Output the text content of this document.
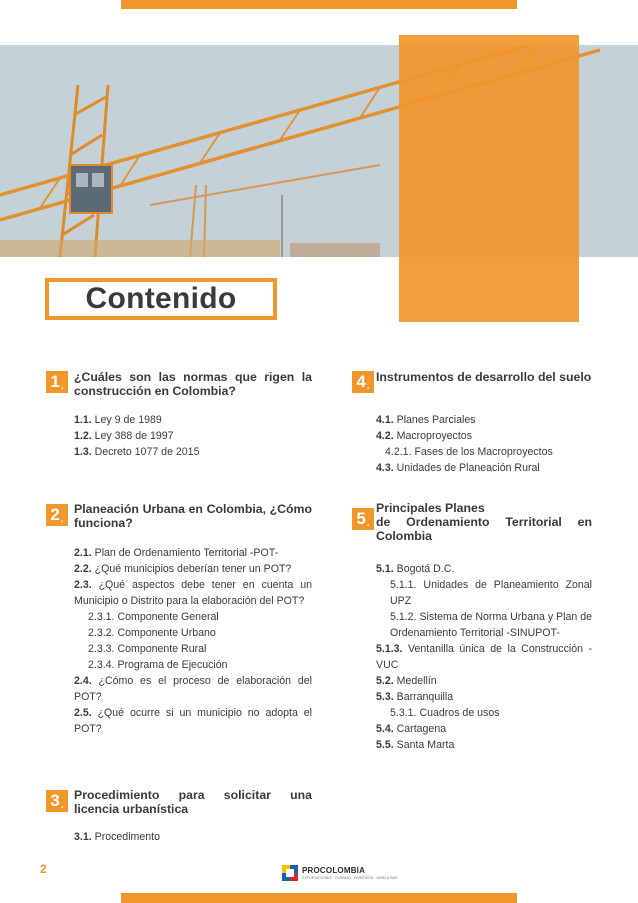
Contenido
1 .
¿Cuáles son las normas que rigen la construcción en Colombia?
1.1. Ley 9 de 1989
1.2. Ley 388 de 1997
1.3. Decreto 1077 de 2015
2 .
Planeación Urbana en Colombia, ¿Cómo funciona?
2.1. Plan de Ordenamiento Territorial -POT-
2.2. ¿Qué municipios deberían tener un POT?
2.3. ¿Qué aspectos debe tener en cuenta un Municipio o Distrito para la elaboración del POT?
2.3.1. Componente General
2.3.2. Componente Urbano
2.3.3. Componente Rural
2.3.4. Programa de Ejecución
2.4. ¿Cómo es el proceso de elaboración del POT?
2.5. ¿Qué ocurre si un municipio no adopta el POT?
3 .
Procedimiento para solicitar una licencia urbanística
3.1. Procedimento
4 .
Instrumentos de desarrollo del suelo
4.1. Planes Parciales
4.2. Macroproyectos
4.2.1. Fases de los Macroproyectos
4.3. Unidades de Planeación Rural
5 .
Principales Planes
de Ordenamiento Territorial en Colombia
5.1. Bogotá D.C.
5.1.1. Unidades de Planeamiento Zonal UPZ
5.1.2. Sistema de Norma Urbana y Plan de Ordenamiento Territorial -SINUPOT-
5.1.3. Ventanilla única de la Construcción - VUC
5.2. Medellín
5.3. Barranquilla
5.3.1. Cuadros de usos
5.4. Cartagena
5.5. Santa Marta
2	PROCOLOMBIA
EXPORTACIONES · TURISMO · INVERSIÓN · MARCA PAÍS
